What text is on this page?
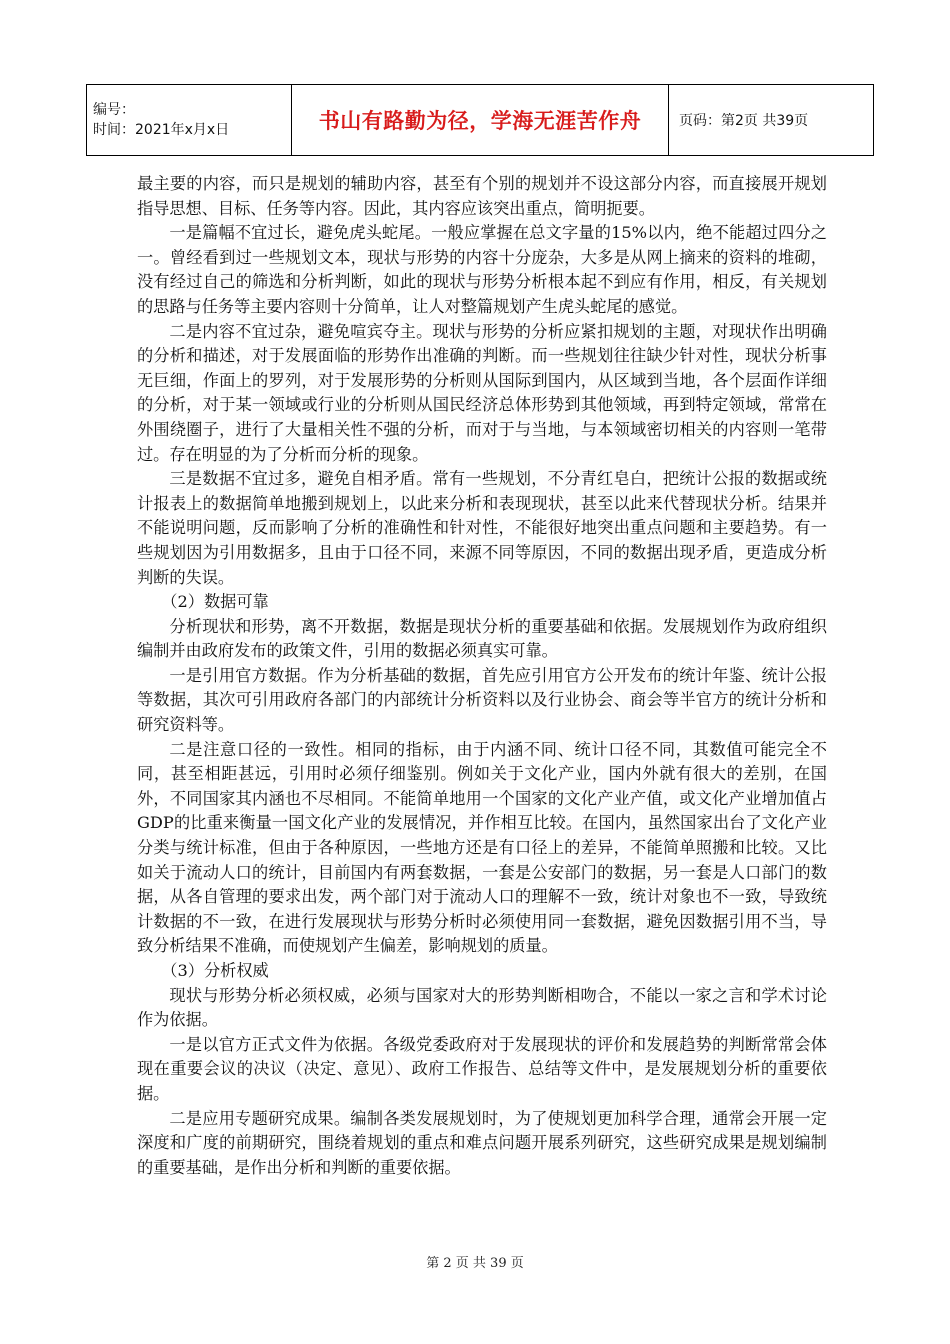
编号：
时间：2021年x月x日	书山有路勤为径，学海无涯苦作舟	页码：第2页 共39页

最主要的内容，而只是规划的辅助内容，甚至有个别的规划并不设这部分内容，而直接展开规划指导思想、目标、任务等内容。因此，其内容应该突出重点，简明扼要。

一是篇幅不宜过长，避免虎头蛇尾。一般应掌握在总文字量的15%以内，绝不能超过四分之一。曾经看到过一些规划文本，现状与形势的内容十分庞杂，大多是从网上摘来的资料的堆砌，没有经过自己的筛选和分析判断，如此的现状与形势分析根本起不到应有作用，相反，有关规划的思路与任务等主要内容则十分简单，让人对整篇规划产生虎头蛇尾的感觉。

二是内容不宜过杂，避免喧宾夺主。现状与形势的分析应紧扣规划的主题，对现状作出明确的分析和描述，对于发展面临的形势作出准确的判断。而一些规划往往缺少针对性，现状分析事无巨细，作面上的罗列，对于发展形势的分析则从国际到国内，从区域到当地，各个层面作详细的分析，对于某一领域或行业的分析则从国民经济总体形势到其他领域，再到特定领域，常常在外围绕圈子，进行了大量相关性不强的分析，而对于与当地，与本领域密切相关的内容则一笔带过。存在明显的为了分析而分析的现象。

三是数据不宜过多，避免自相矛盾。常有一些规划，不分青红皂白，把统计公报的数据或统计报表上的数据简单地搬到规划上，以此来分析和表现现状，甚至以此来代替现状分析。结果并不能说明问题，反而影响了分析的准确性和针对性，不能很好地突出重点问题和主要趋势。有一些规划因为引用数据多，且由于口径不同，来源不同等原因，不同的数据出现矛盾，更造成分析判断的失误。

（2）数据可靠

分析现状和形势，离不开数据，数据是现状分析的重要基础和依据。发展规划作为政府组织编制并由政府发布的政策文件，引用的数据必须真实可靠。

一是引用官方数据。作为分析基础的数据，首先应引用官方公开发布的统计年鉴、统计公报等数据，其次可引用政府各部门的内部统计分析资料以及行业协会、商会等半官方的统计分析和研究资料等。

二是注意口径的一致性。相同的指标，由于内涵不同、统计口径不同，其数值可能完全不同，甚至相距甚远，引用时必须仔细鉴别。例如关于文化产业，国内外就有很大的差别，在国外，不同国家其内涵也不尽相同。不能简单地用一个国家的文化产业产值，或文化产业增加值占GDP的比重来衡量一国文化产业的发展情况，并作相互比较。在国内，虽然国家出台了文化产业分类与统计标准，但由于各种原因，一些地方还是有口径上的差异，不能简单照搬和比较。又比如关于流动人口的统计，目前国内有两套数据，一套是公安部门的数据，另一套是人口部门的数据，从各自管理的要求出发，两个部门对于流动人口的理解不一致，统计对象也不一致，导致统计数据的不一致，在进行发展现状与形势分析时必须使用同一套数据，避免因数据引用不当，导致分析结果不准确，而使规划产生偏差，影响规划的质量。

（3）分析权威

现状与形势分析必须权威，必须与国家对大的形势判断相吻合，不能以一家之言和学术讨论作为依据。

一是以官方正式文件为依据。各级党委政府对于发展现状的评价和发展趋势的判断常常会体现在重要会议的决议（决定、意见）、政府工作报告、总结等文件中，是发展规划分析的重要依据。

二是应用专题研究成果。编制各类发展规划时，为了使规划更加科学合理，通常会开展一定深度和广度的前期研究，围绕着规划的重点和难点问题开展系列研究，这些研究成果是规划编制的重要基础，是作出分析和判断的重要依据。

第 2 页 共 39 页
